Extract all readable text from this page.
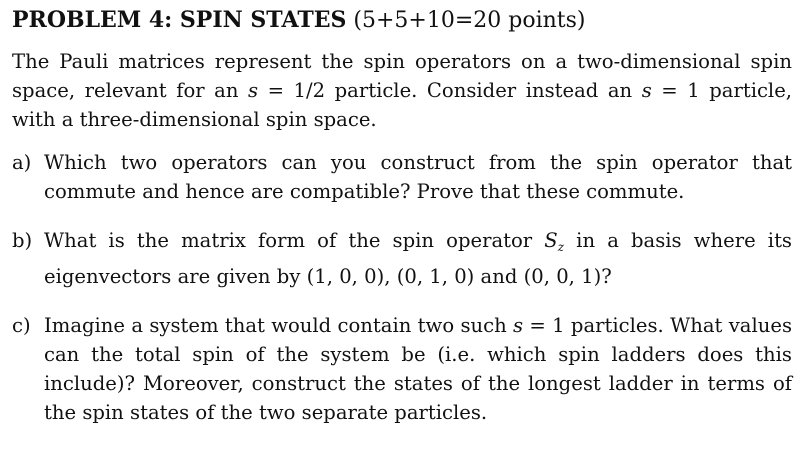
PROBLEM 4: SPIN STATES (5+5+10=20 points)

The Pauli matrices represent the spin operators on a two-dimensional spin space, relevant for an s = 1/2 particle. Consider instead an s = 1 particle, with a three-dimensional spin space.

a) Which two operators can you construct from the spin operator that commute and hence are compatible? Prove that these commute.
b) What is the matrix form of the spin operator $S_z$ in a basis where its eigenvectors are given by (1, 0, 0), (0, 1, 0) and (0, 0, 1)?
c) Imagine a system that would contain two such s = 1 particles. What values can the total spin of the system be (i.e. which spin ladders does this include)? Moreover, construct the states of the longest ladder in terms of the spin states of the two separate particles.
